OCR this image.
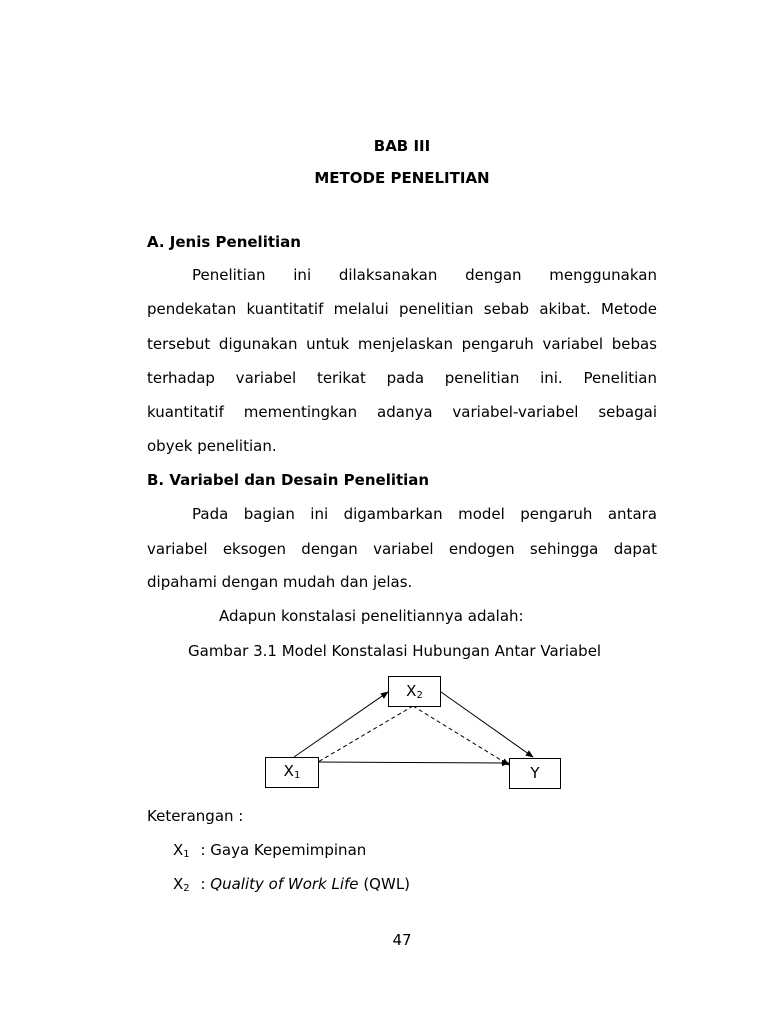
BAB III
METODE PENELITIAN
A. Jenis Penelitian
Penelitian ini dilaksanakan dengan menggunakan
pendekatan kuantitatif melalui penelitian sebab akibat. Metode
tersebut digunakan untuk menjelaskan pengaruh variabel bebas
terhadap variabel terikat pada penelitian ini. Penelitian
kuantitatif mementingkan adanya variabel-variabel sebagai
obyek penelitian.
B. Variabel dan Desain Penelitian
Pada bagian ini digambarkan model pengaruh antara
variabel eksogen dengan variabel endogen sehingga dapat
dipahami dengan mudah dan jelas.
Adapun konstalasi penelitiannya adalah:
Gambar 3.1 Model Konstalasi Hubungan Antar Variabel
$X_2$
$X_1$	Y
Keterangan :
$X_1$ : Gaya Kepemimpinan
$X_2$ : Quality of Work Life (QWL)
47
